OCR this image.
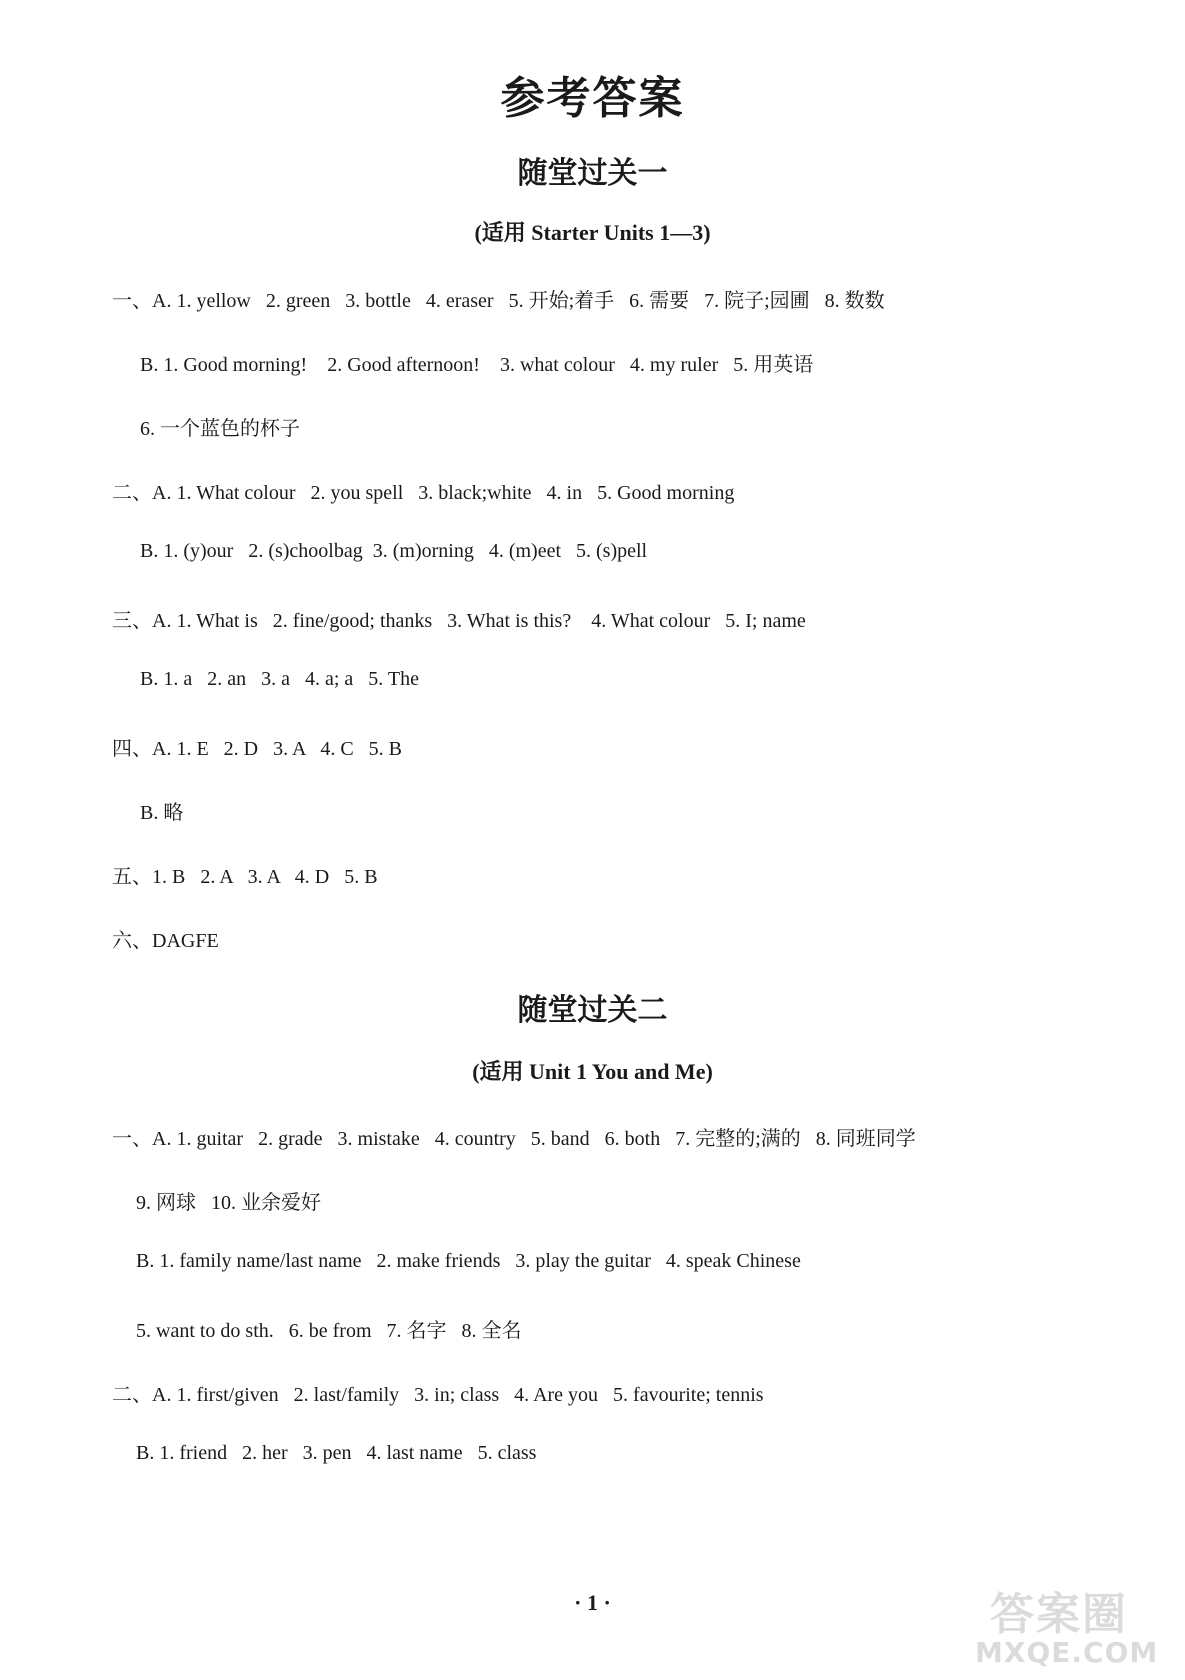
参考答案
随堂过关一
(适用 Starter Units 1—3)
一、A. 1. yellow   2. green   3. bottle   4. eraser   5. 开始;着手   6. 需要   7. 院子;园圃   8. 数数
B. 1. Good morning!    2. Good afternoon!    3. what colour   4. my ruler   5. 用英语
6. 一个蓝色的杯子
二、A. 1. What colour   2. you spell   3. black;white   4. in   5. Good morning
B. 1. (y)our   2. (s)choolbag  3. (m)orning   4. (m)eet   5. (s)pell
三、A. 1. What is   2. fine/good; thanks   3. What is this?    4. What colour   5. I; name
B. 1. a   2. an   3. a   4. a; a   5. The
四、A. 1. E   2. D   3. A   4. C   5. B
B. 略
五、1. B   2. A   3. A   4. D   5. B
六、DAGFE
随堂过关二
(适用 Unit 1 You and Me)
一、A. 1. guitar   2. grade   3. mistake   4. country   5. band   6. both   7. 完整的;满的   8. 同班同学
9. 网球   10. 业余爱好
B. 1. family name/last name   2. make friends   3. play the guitar   4. speak Chinese
5. want to do sth.   6. be from   7. 名字   8. 全名
二、A. 1. first/given   2. last/family   3. in; class   4. Are you   5. favourite; tennis
B. 1. friend   2. her   3. pen   4. last name   5. class
· 1 ·	答案圈
MXQE.COM
